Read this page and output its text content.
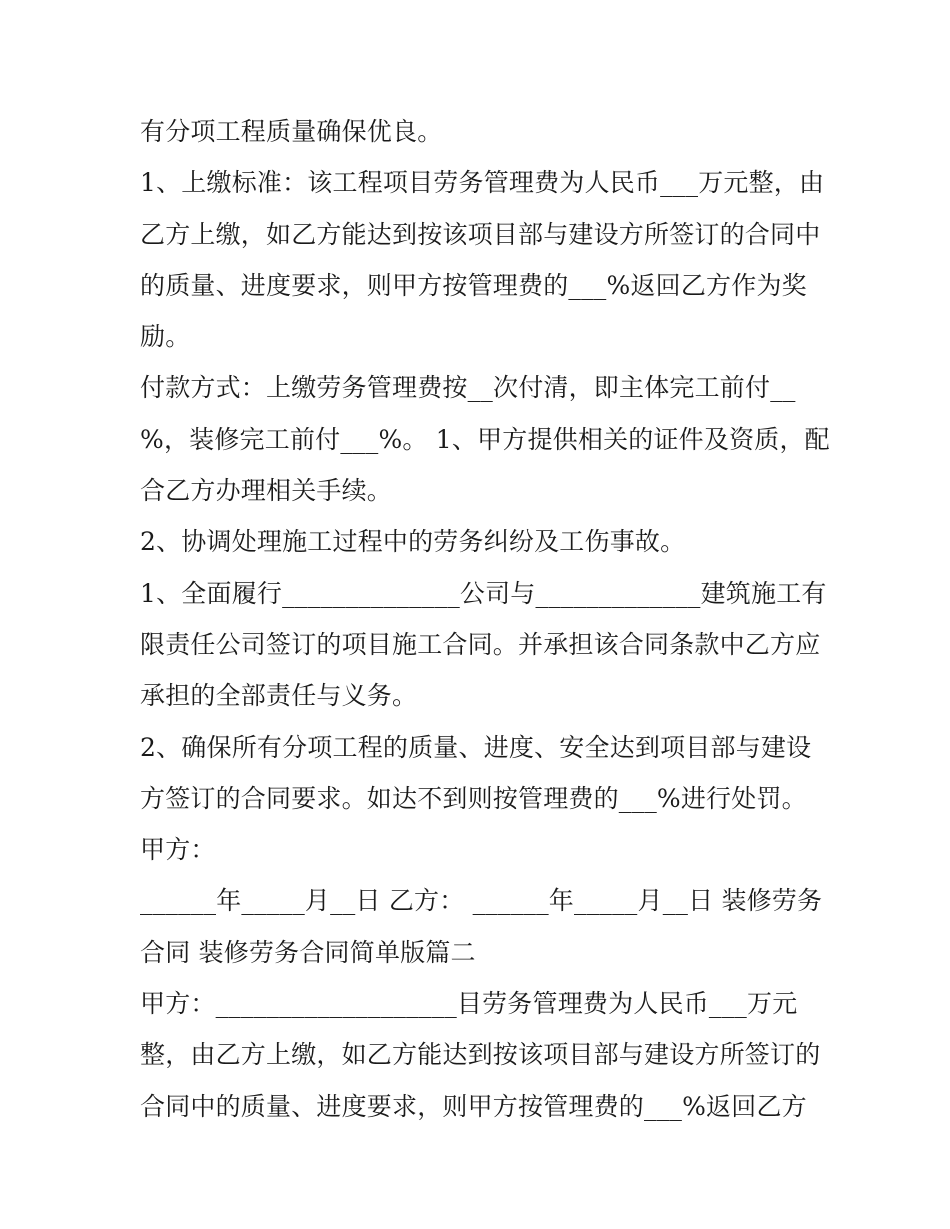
有分项工程质量确保优良。
1、上缴标准：该工程项目劳务管理费为人民币___万元整，由
乙方上缴，如乙方能达到按该项目部与建设方所签订的合同中
的质量、进度要求，则甲方按管理费的___%返回乙方作为奖
励。
付款方式：上缴劳务管理费按__次付清，即主体完工前付__
%，装修完工前付___%。 1、甲方提供相关的证件及资质，配
合乙方办理相关手续。
2、协调处理施工过程中的劳务纠纷及工伤事故。
1、全面履行______________公司与_____________建筑施工有
限责任公司签订的项目施工合同。并承担该合同条款中乙方应
承担的全部责任与义务。
2、确保所有分项工程的质量、进度、安全达到项目部与建设
方签订的合同要求。如达不到则按管理费的___%进行处罚。
甲方：
______年_____月__日 乙方： ______年_____月__日 装修劳务
合同 装修劳务合同简单版篇二
甲方：___________________目劳务管理费为人民币___万元
整，由乙方上缴，如乙方能达到按该项目部与建设方所签订的
合同中的质量、进度要求，则甲方按管理费的___%返回乙方
